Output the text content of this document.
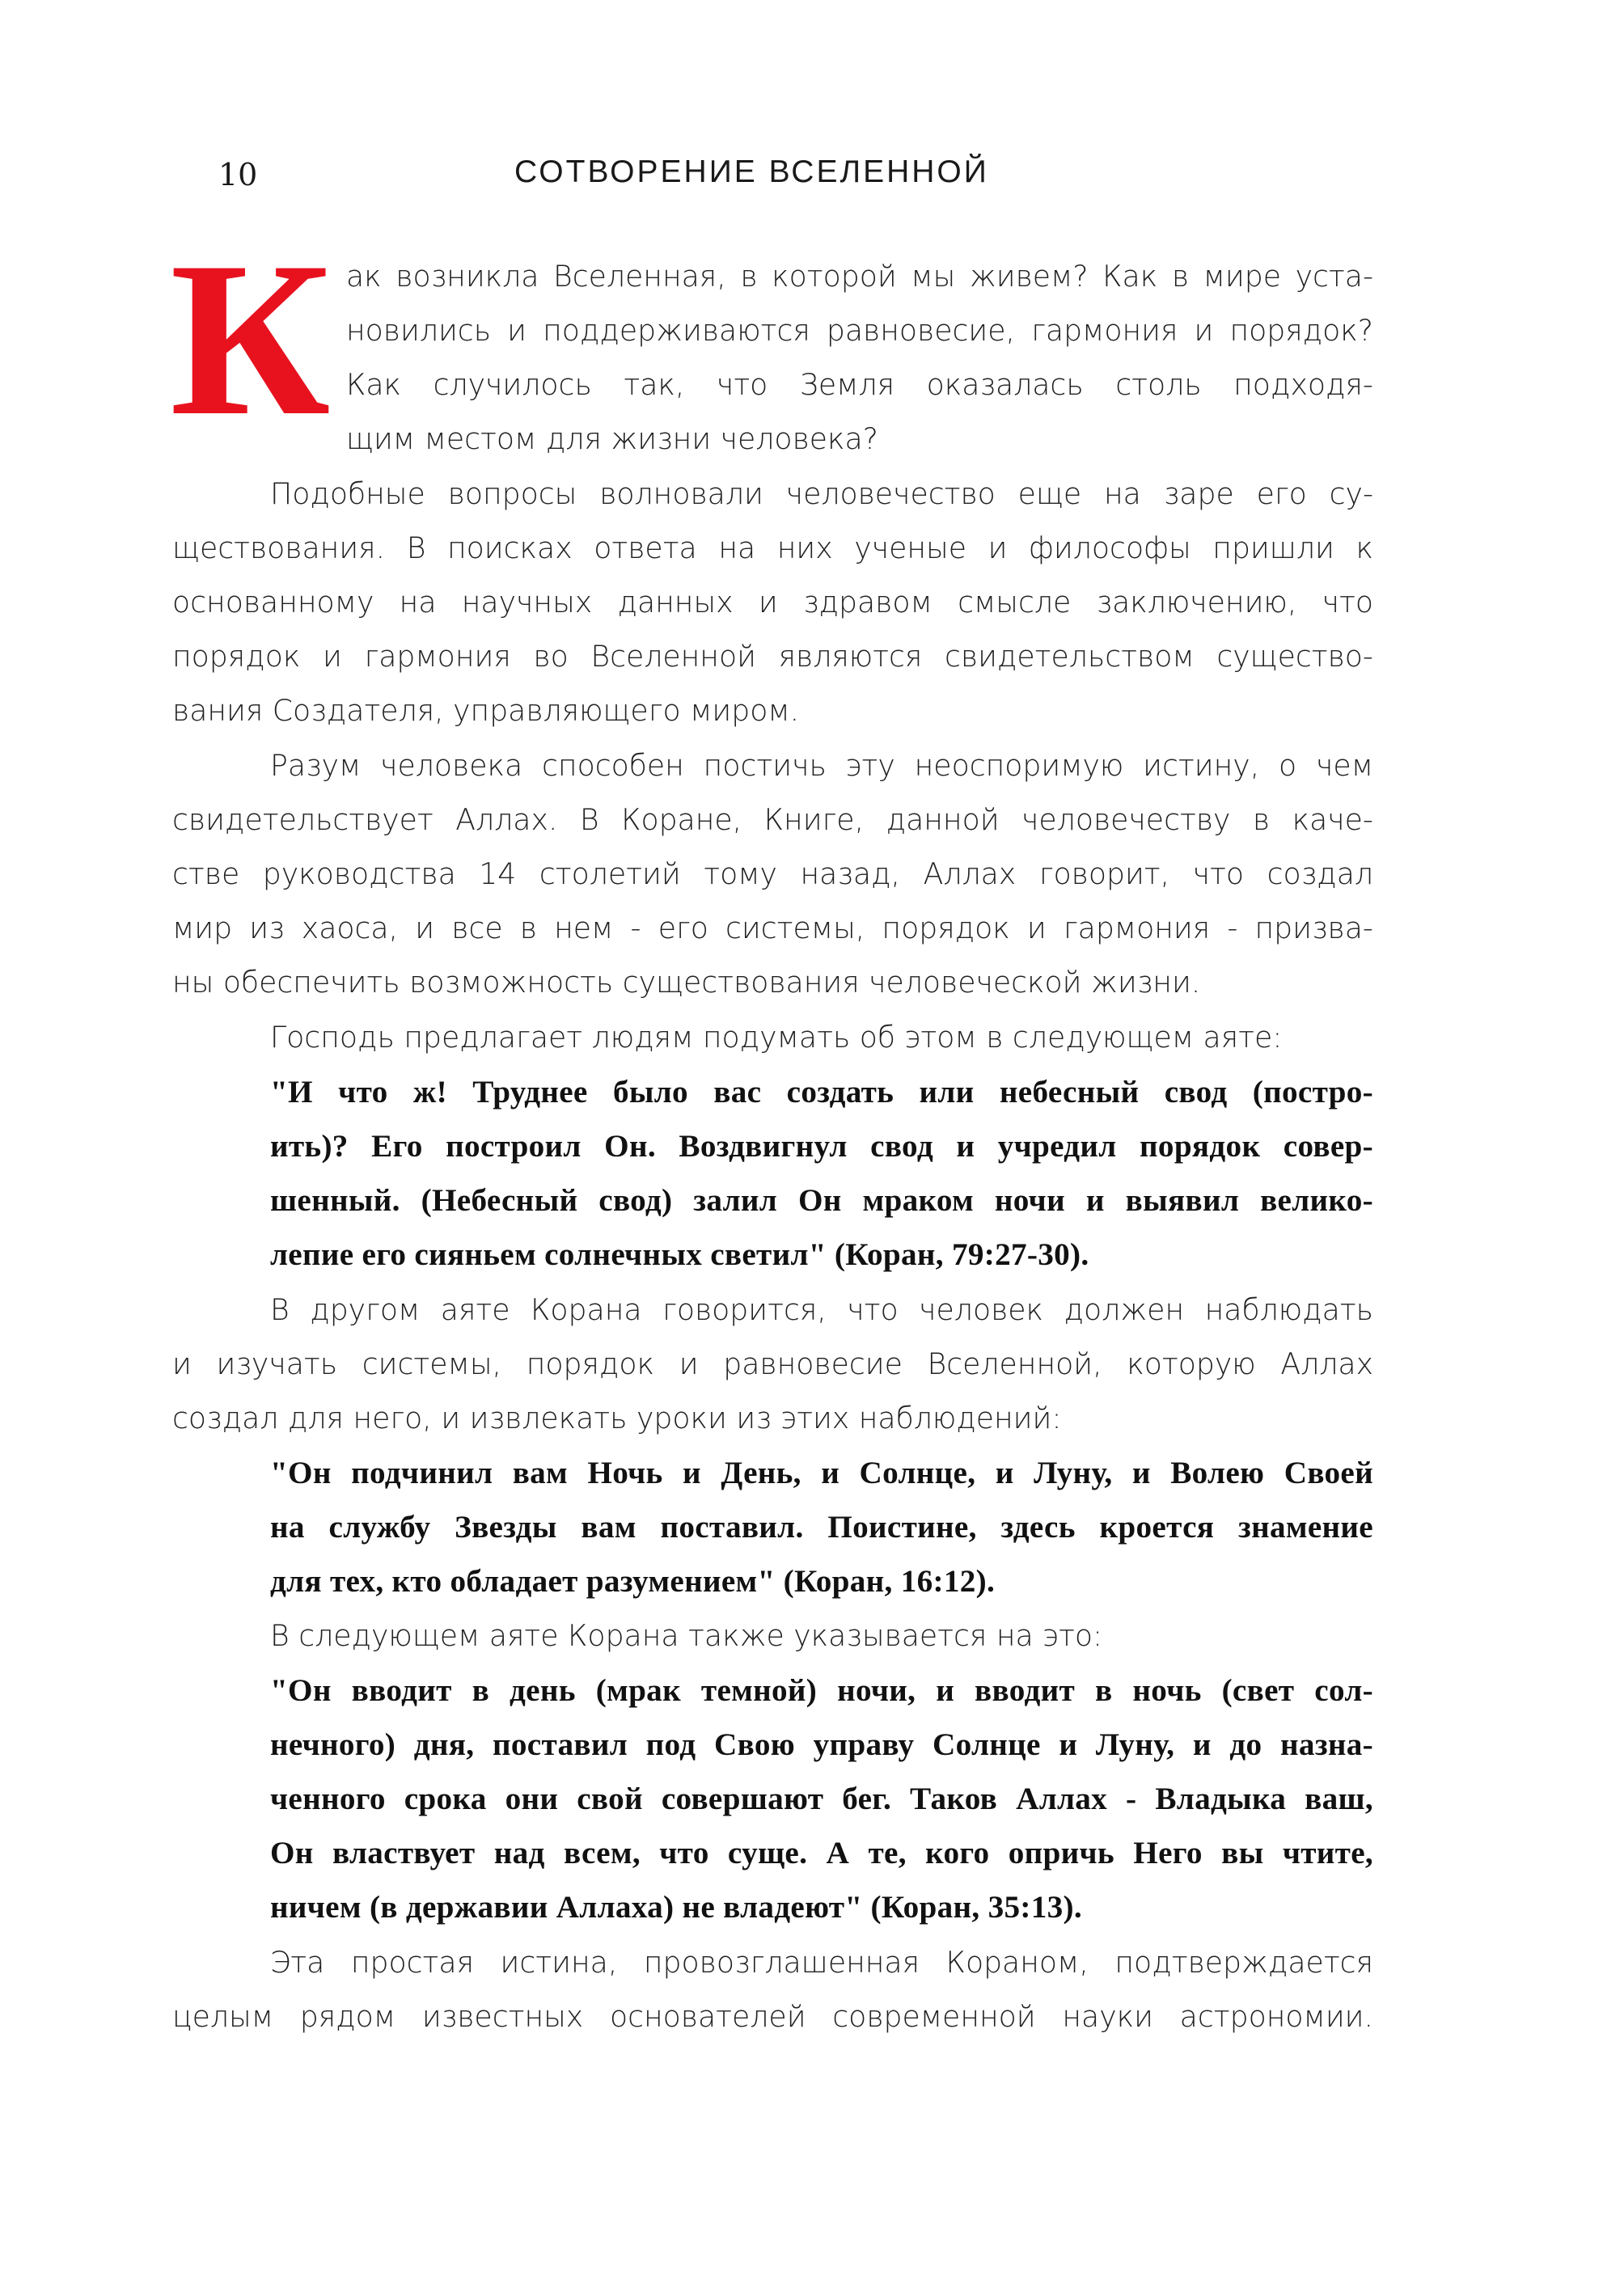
10	СОТВОРЕНИЕ ВСЕЛЕННОЙ
К ак возникла Вселенная, в которой мы живем? Как в мире уста-
новились и поддерживаются равновесие, гармония и порядок?
Как случилось так, что Земля оказалась столь подходя-
щим местом для жизни человека?
Подобные вопросы волновали человечество еще на заре его су-
ществования. В поисках ответа на них ученые и философы пришли к
основанному на научных данных и здравом смысле заключению, что
порядок и гармония во Вселенной являются свидетельством существо-
вания Создателя, управляющего миром.
Разум человека способен постичь эту неоспоримую истину, о чем
свидетельствует Аллах. В Коране, Книге, данной человечеству в каче-
стве руководства 14 столетий тому назад, Аллах говорит, что создал
мир из хаоса, и все в нем - его системы, порядок и гармония - призва-
ны обеспечить возможность существования человеческой жизни.
Господь предлагает людям подумать об этом в следующем аяте:
"И что ж! Труднее было вас создать или небесный свод (постро-
ить)? Его построил Он. Воздвигнул свод и учредил порядок совер-
шенный. (Небесный свод) залил Он мраком ночи и выявил велико-
лепие его сияньем солнечных светил" (Коран, 79:27-30).
В другом аяте Корана говорится, что человек должен наблюдать
и изучать системы, порядок и равновесие Вселенной, которую Аллах
создал для него, и извлекать уроки из этих наблюдений:
"Он подчинил вам Ночь и День, и Солнце, и Луну, и Волею Своей
на службу Звезды вам поставил. Поистине, здесь кроется знамение
для тех, кто обладает разумением" (Коран, 16:12).
В следующем аяте Корана также указывается на это:
"Он вводит в день (мрак темной) ночи, и вводит в ночь (свет сол-
нечного) дня, поставил под Свою управу Солнце и Луну, и до назна-
ченного срока они свой совершают бег. Таков Аллах - Владыка ваш,
Он властвует над всем, что суще. А те, кого опричь Него вы чтите,
ничем (в державии Аллаха) не владеют" (Коран, 35:13).
Эта простая истина, провозглашенная Кораном, подтверждается
целым рядом известных основателей современной науки астрономии.
